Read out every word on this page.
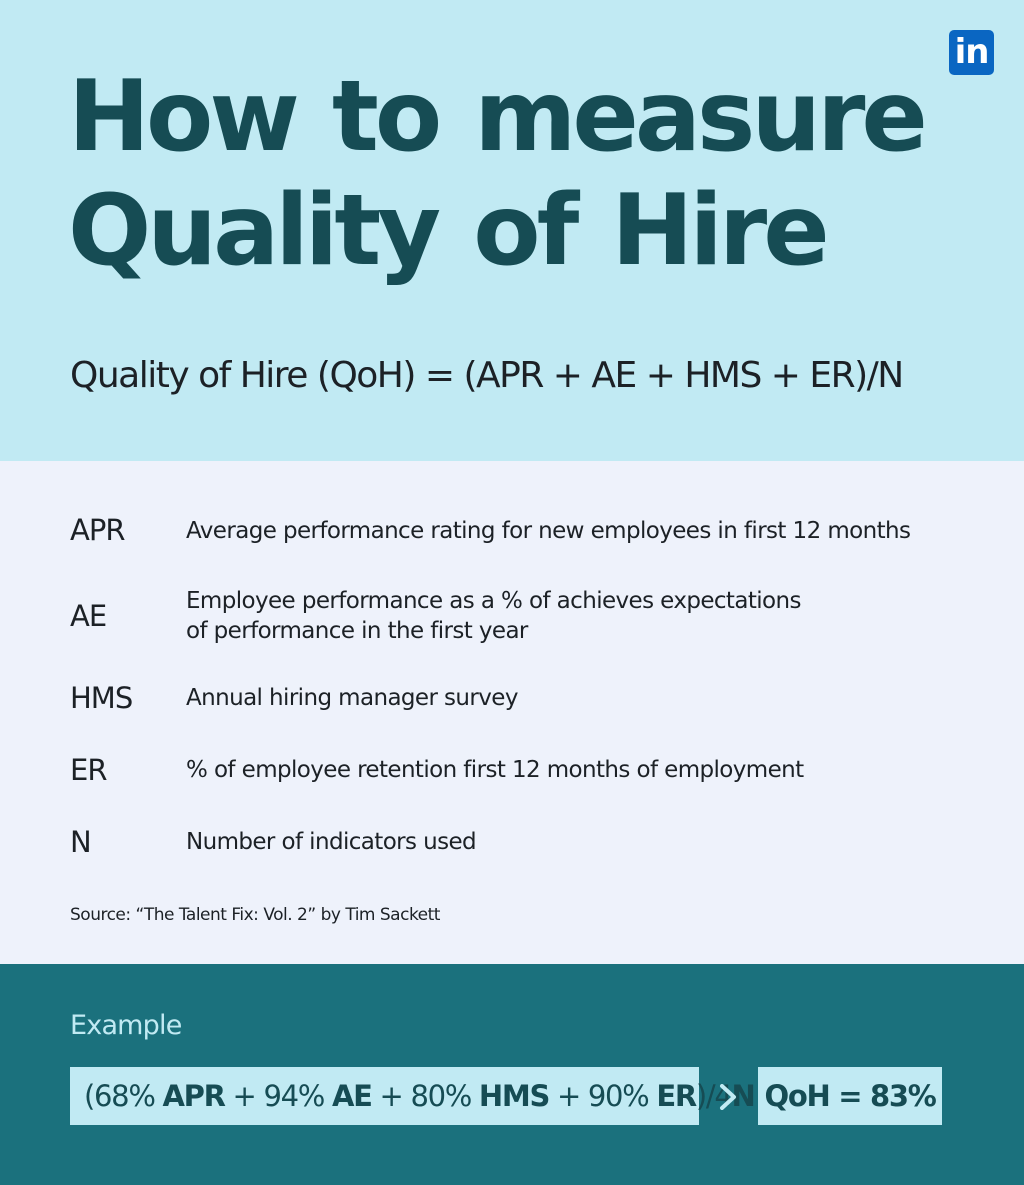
in
How to measure
Quality of Hire

Quality of Hire (QoH) = (APR + AE + HMS + ER)/N

APR	Average performance rating for new employees in first 12 months
AE	Employee performance as a % of achieves expectations
of performance in the first year
HMS Annual hiring manager survey
ER	% of employee retention first 12 months of employment
N	Number of indicators used
Source: “The Talent Fix: Vol. 2” by Tim Sackett
Example
(68% APR + 94% AE + 80% HMS + 90% ER)/4N QoH = 83%
